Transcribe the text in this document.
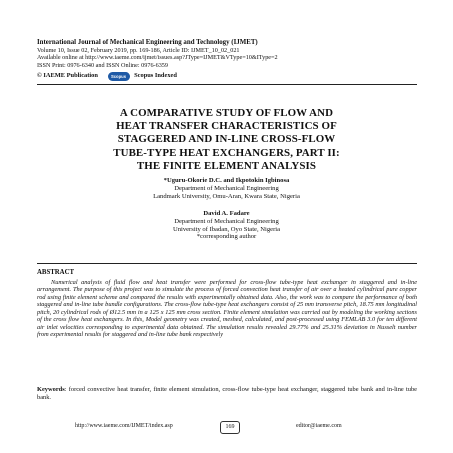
International Journal of Mechanical Engineering and Technology (IJMET)
Volume 10, Issue 02, February 2019, pp. 169-186, Article ID: IJMET_10_02_021
Available online at http://www.iaeme.com/ijmet/issues.asp?JType=IJMET&VType=10&IType=2
ISSN Print: 0976-6340 and ISSN Online: 0976-6359
© IAEME Publication	Scopus Scopus Indexed
A COMPARATIVE STUDY OF FLOW AND
HEAT TRANSFER CHARACTERISTICS OF
STAGGERED AND IN-LINE CROSS-FLOW
TUBE-TYPE HEAT EXCHANGERS, PART II:
THE FINITE ELEMENT ANALYSIS
*Uguru-Okorie D.C. and Ikpotokin Igbinosa
Department of Mechanical Engineering
Landmark University, Omu-Aran, Kwara State, Nigeria
David A. Fadare
Department of Mechanical Engineering
University of Ibadan, Oyo State, Nigeria
*corresponding author
ABSTRACT
Numerical analysis of fluid flow and heat transfer were performed for cross-flow tube-type heat exchanger in staggered and in-line arrangement. The purpose of this project was to simulate the process of forced convection heat transfer of air over a heated cylindrical pure copper rod using finite element scheme and compared the results with experimentally obtained data. Also, the work was to compare the performance of both staggered and in-line tube bundle configurations. The cross-flow tube-type heat exchangers consist of 25 mm transverse pitch, 18.75 mm longitudinal pitch, 20 cylindrical rods of Ø12.5 mm in a 125 x 125 mm cross section. Finite element simulation was carried out by modeling the working sections of the cross flow heat exchangers. In this, Model geometry was created, meshed, calculated, and post-processed using FEMLAB 3.0 for ten different air inlet velocities corresponding to experimental data obtained. The simulation results revealed 29.77% and 25.31% deviation in Nusselt number from experimental results for staggered and in-line tube bank respectively
Keywords: forced convective heat transfer, finite element simulation, cross-flow tube-type heat exchanger, staggered tube bank and in-line tube bank.
http://www.iaeme.com/IJMET/index.asp	169	editor@iaeme.com
